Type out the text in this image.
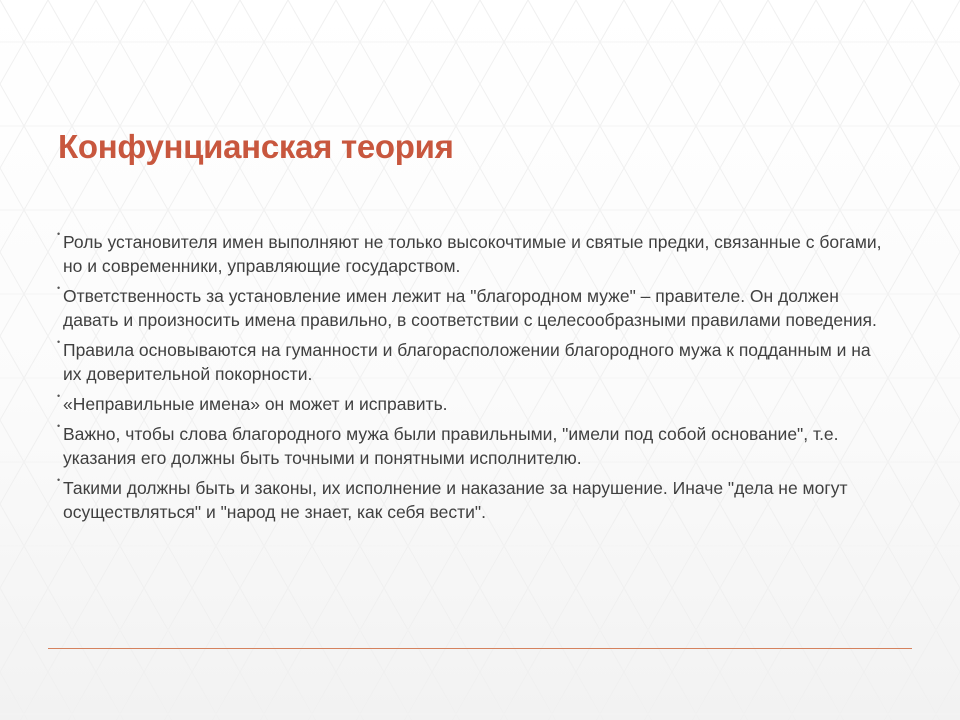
Конфунцианская теория
• Роль установителя имен выполняют не только высокочтимые и святые предки, связанные с богами, но и современники, управляющие государством.
• Ответственность за установление имен лежит на "благородном муже" – правителе. Он должен давать и произносить имена правильно, в соответствии с целесообразными правилами поведения.
• Правила основываются на гуманности и благорасположении благородного мужа к подданным и на их доверительной покорности.
• «Неправильные имена» он может и исправить.
• Важно, чтобы слова благородного мужа были правильными, "имели под собой основание", т.е. указания его должны быть точными и понятными исполнителю.
• Такими должны быть и законы, их исполнение и наказание за нарушение. Иначе "дела не могут осуществляться" и "народ не знает, как себя вести".
